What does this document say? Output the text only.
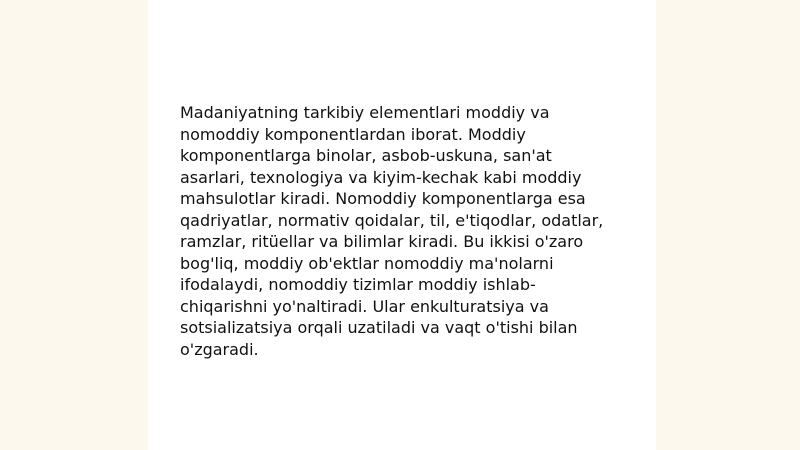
Madaniyatning tarkibiy elementlari moddiy va
nomoddiy komponentlardan iborat. Moddiy
komponentlarga binolar, asbob-uskuna, san'at
asarlari, texnologiya va kiyim-kechak kabi moddiy
mahsulotlar kiradi. Nomoddiy komponentlarga esa
qadriyatlar, normativ qoidalar, til, e'tiqodlar, odatlar,
ramzlar, ritüellar va bilimlar kiradi. Bu ikkisi o'zaro
bog'liq, moddiy ob'ektlar nomoddiy ma'nolarni
ifodalaydi, nomoddiy tizimlar moddiy ishlab-
chiqarishni yo'naltiradi. Ular enkulturatsiya va
sotsializatsiya orqali uzatiladi va vaqt o'tishi bilan
o'zgaradi.
